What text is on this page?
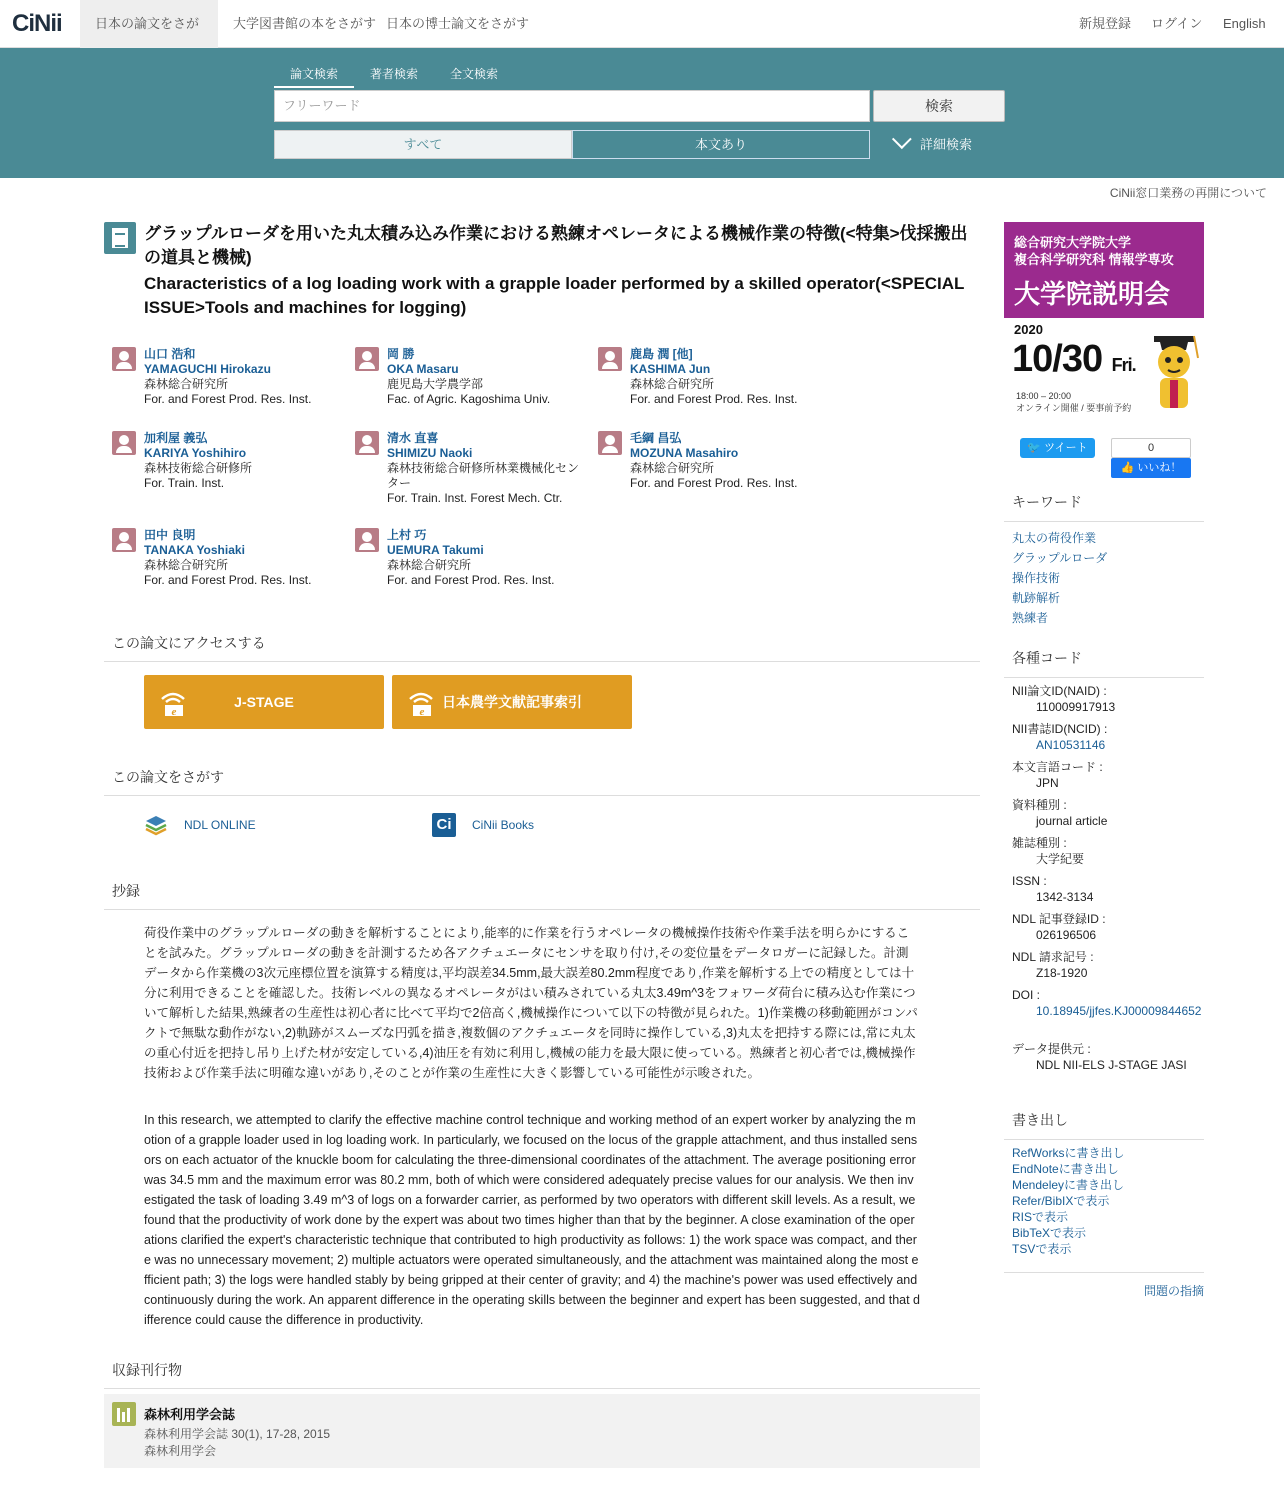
CiNii	日本の論文をさが	大学図書館の本をさがす 日本の博士論文をさがす	新規登録 ログイン English
論文検索	著者検索	全文検索
フリーワード	検索
すべて	本文あり	詳細検索
CiNii窓口業務の再開について
グラップルローダを用いた丸太積み込み作業における熟練オペレータによる機械作業の特徴(<特集>伐採搬出の道具と機械)
Characteristics of a log loading work with a grapple loader performed by a skilled operator(<SPECIAL ISSUE>Tools and machines for logging)
山口 浩和
YAMAGUCHI Hirokazu
森林総合研究所
For. and Forest Prod. Res. Inst.
岡 勝
OKA Masaru
鹿児島大学農学部
Fac. of Agric. Kagoshima Univ.
鹿島 潤 [他]
KASHIMA Jun
森林総合研究所
For. and Forest Prod. Res. Inst.
加利屋 義弘
KARIYA Yoshihiro
森林技術総合研修所
For. Train. Inst.
清水 直喜
SHIMIZU Naoki
森林技術総合研修所林業機械化センター
For. Train. Inst. Forest Mech. Ctr.
毛綱 昌弘
MOZUNA Masahiro
森林総合研究所
For. and Forest Prod. Res. Inst.
田中 良明
TANAKA Yoshiaki
森林総合研究所
For. and Forest Prod. Res. Inst.
上村 巧
UEMURA Takumi
森林総合研究所
For. and Forest Prod. Res. Inst.
この論文にアクセスする
e
J-STAGE
e
日本農学文献記事索引
この論文をさがす
NDL ONLINE	Ci	CiNii Books
抄録
荷役作業中のグラップルローダの動きを解析することにより,能率的に作業を行うオペレータの機械操作技術や作業手法を明らかにすることを試みた。グラップルローダの動きを計測するため各アクチュエータにセンサを取り付け,その変位量をデータロガーに記録した。計測データから作業機の3次元座標位置を演算する精度は,平均誤差34.5mm,最大誤差80.2mm程度であり,作業を解析する上での精度としては十分に利用できることを確認した。技術レベルの異なるオペレータがはい積みされている丸太3.49m^3をフォワーダ荷台に積み込む作業について解析した結果,熟練者の生産性は初心者に比べて平均で2倍高く,機械操作について以下の特徴が見られた。1)作業機の移動範囲がコンパクトで無駄な動作がない,2)軌跡がスムーズな円弧を描き,複数個のアクチュエータを同時に操作している,3)丸太を把持する際には,常に丸太の重心付近を把持し吊り上げた材が安定している,4)油圧を有効に利用し,機械の能力を最大限に使っている。熟練者と初心者では,機械操作技術および作業手法に明確な違いがあり,そのことが作業の生産性に大きく影響している可能性が示唆された。
In this research, we attempted to clarify the effective machine control technique and working method of an expert worker by analyzing the motion of a grapple loader used in log loading work. In particularly, we focused on the locus of the grapple attachment, and thus installed sensors on each actuator of the knuckle boom for calculating the three-dimensional coordinates of the attachment. The average positioning error was 34.5 mm and the maximum error was 80.2 mm, both of which were considered adequately precise values for our analysis. We then investigated the task of loading 3.49 m^3 of logs on a forwarder carrier, as performed by two operators with different skill levels. As a result, we found that the productivity of work done by the expert was about two times higher than that by the beginner. A close examination of the operations clarified the expert's characteristic technique that contributed to high productivity as follows: 1) the work space was compact, and there was no unnecessary movement; 2) multiple actuators were operated simultaneously, and the attachment was maintained along the most efficient path; 3) the logs were handled stably by being gripped at their center of gravity; and 4) the machine's power was used effectively and continuously during the work. An apparent difference in the operating skills between the beginner and expert has been suggested, and that difference could cause the difference in productivity.
収録刊行物
森林利用学会誌
森林利用学会誌 30(1), 17-28, 2015
森林利用学会
総合研究大学院大学
複合科学研究科 情報学専攻
大学院説明会
2020
10/30 Fri.
18:00 – 20:00
オンライン開催 / 要事前予約
🐦 ツイート	0
👍 いいね！
キーワード
丸太の荷役作業
グラップルローダ
操作技術
軌跡解析
熟練者
各種コード
NII論文ID(NAID) :
110009917913
NII書誌ID(NCID) :
AN10531146
本文言語コード :
JPN
資料種別 :
journal article
雑誌種別 :
大学紀要
ISSN :
1342-3134
NDL 記事登録ID :
026196506
NDL 請求記号 :
Z18-1920
DOI :
10.18945/jjfes.KJ00009844652
データ提供元 :
NDL NII-ELS J-STAGE JASI
書き出し
RefWorksに書き出し
EndNoteに書き出し
Mendeleyに書き出し
Refer/BibIXで表示
RISで表示
BibTeXで表示
TSVで表示
問題の指摘
